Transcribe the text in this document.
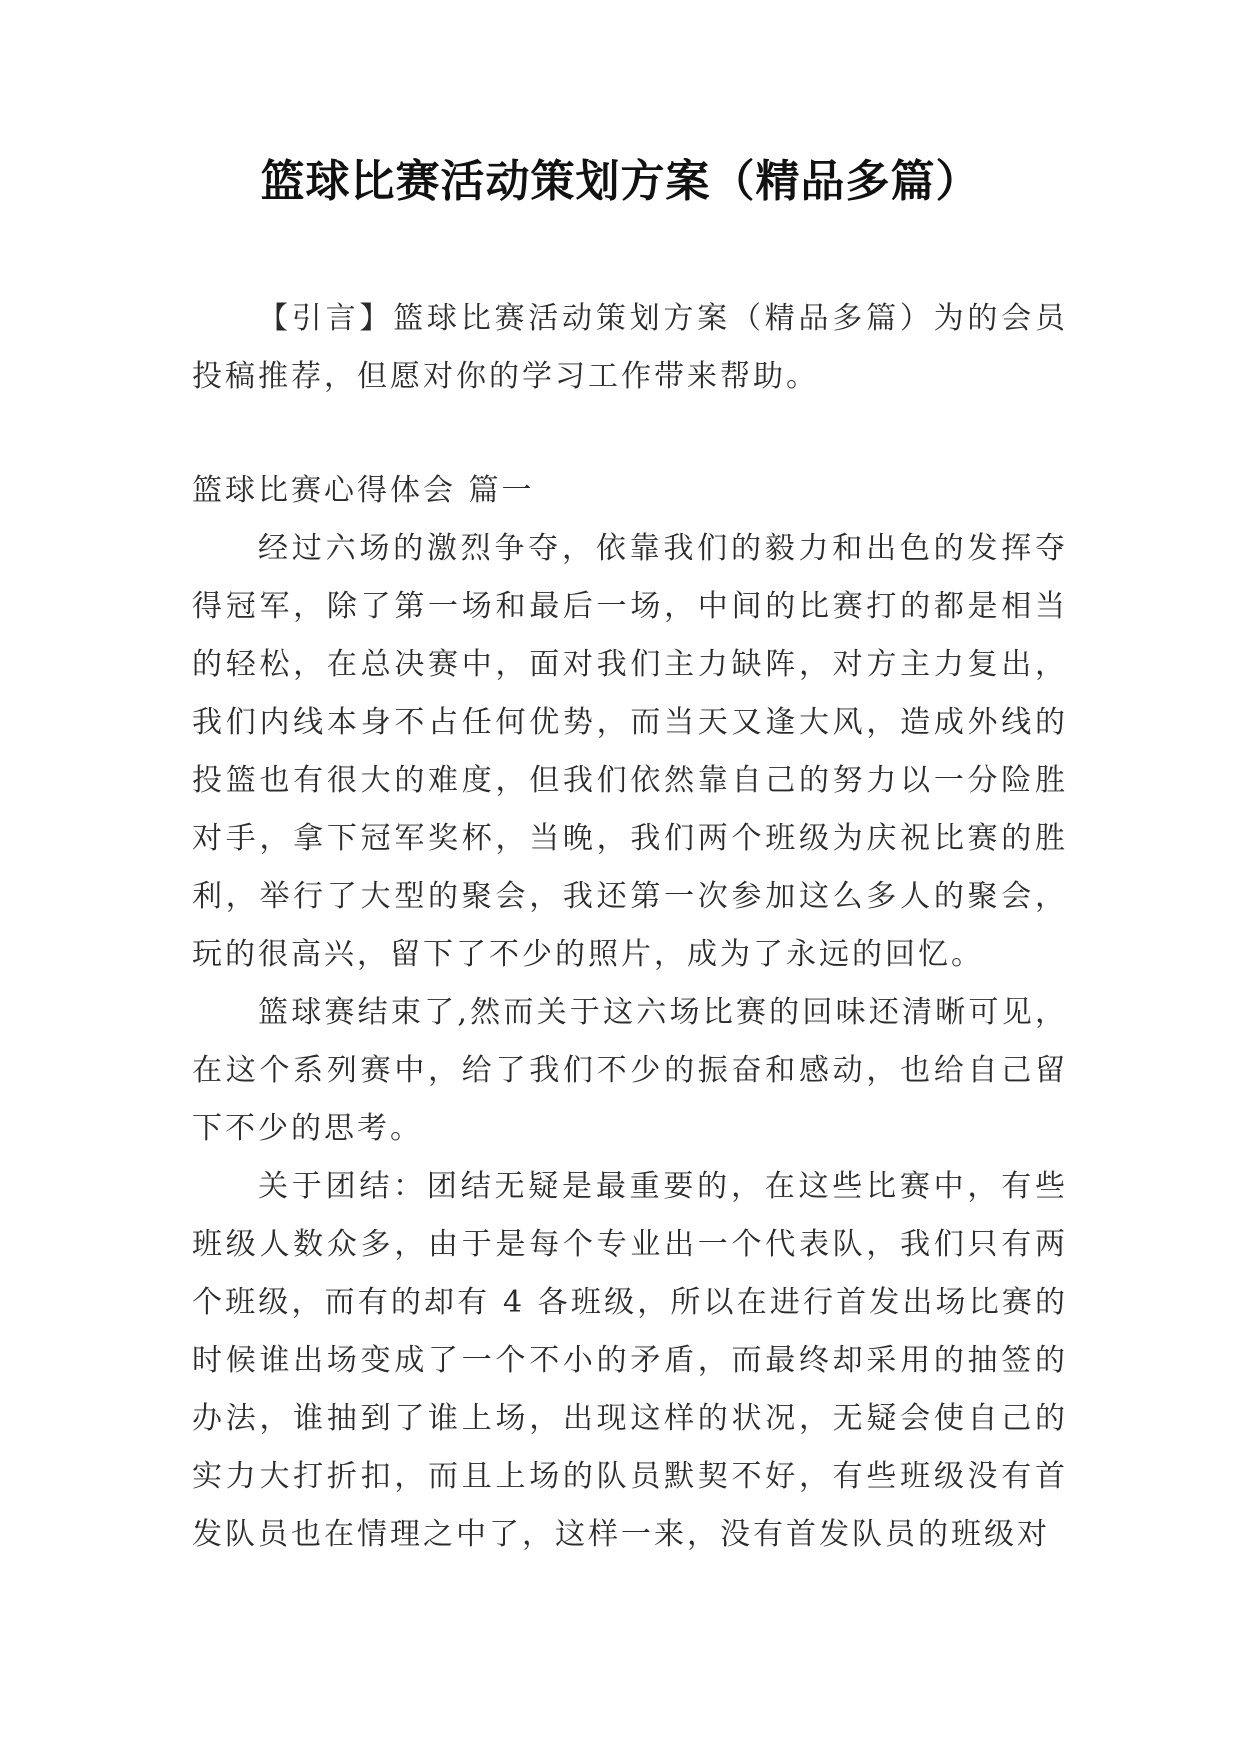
篮球比赛活动策划方案（精品多篇）

【引言】篮球比赛活动策划方案（精品多篇）为的会员投稿推荐，但愿对你的学习工作带来帮助。

篮球比赛心得体会 篇一

经过六场的激烈争夺，依靠我们的毅力和出色的发挥夺得冠军，除了第一场和最后一场，中间的比赛打的都是相当的轻松，在总决赛中，面对我们主力缺阵，对方主力复出，我们内线本身不占任何优势，而当天又逢大风，造成外线的投篮也有很大的难度，但我们依然靠自己的努力以一分险胜对手，拿下冠军奖杯，当晚，我们两个班级为庆祝比赛的胜利，举行了大型的聚会，我还第一次参加这么多人的聚会，玩的很高兴，留下了不少的照片，成为了永远的回忆。

篮球赛结束了,然而关于这六场比赛的回味还清晰可见，在这个系列赛中，给了我们不少的振奋和感动，也给自己留下不少的思考。

关于团结：团结无疑是最重要的，在这些比赛中，有些班级人数众多，由于是每个专业出一个代表队，我们只有两个班级，而有的却有 4 各班级，所以在进行首发出场比赛的时候谁出场变成了一个不小的矛盾，而最终却采用的抽签的办法，谁抽到了谁上场，出现这样的状况，无疑会使自己的实力大打折扣，而且上场的队员默契不好，有些班级没有首发队员也在情理之中了，这样一来，没有首发队员的班级对
